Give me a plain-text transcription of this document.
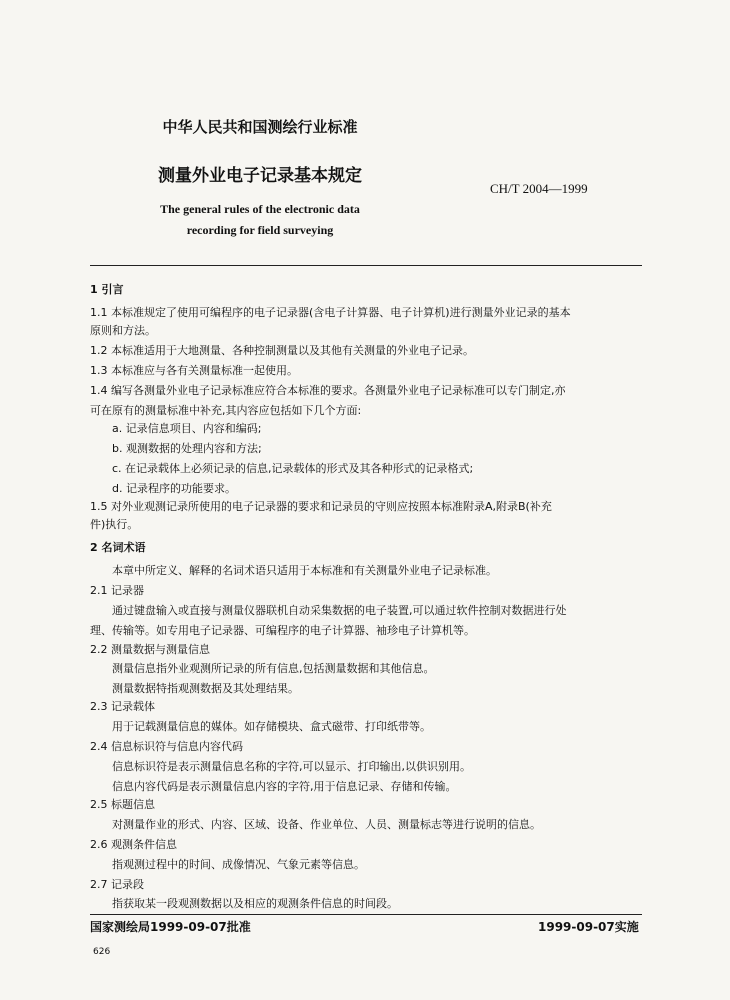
中华人民共和国测绘行业标准
测量外业电子记录基本规定
CH/T 2004—1999
The general rules of the electronic data
recording for field surveying
1 引言
1.1 本标准规定了使用可编程序的电子记录器(含电子计算器、电子计算机)进行测量外业记录的基本
原则和方法。
1.2 本标准适用于大地测量、各种控制测量以及其他有关测量的外业电子记录。
1.3 本标准应与各有关测量标准一起使用。
1.4 编写各测量外业电子记录标准应符合本标准的要求。各测量外业电子记录标准可以专门制定,亦
可在原有的测量标准中补充,其内容应包括如下几个方面:
a. 记录信息项目、内容和编码;
b. 观测数据的处理内容和方法;
c. 在记录载体上必须记录的信息,记录载体的形式及其各种形式的记录格式;
d. 记录程序的功能要求。
1.5 对外业观测记录所使用的电子记录器的要求和记录员的守则应按照本标准附录A,附录B(补充
件)执行。
2 名词术语
本章中所定义、解释的名词术语只适用于本标准和有关测量外业电子记录标准。
2.1 记录器
通过键盘输入或直接与测量仪器联机自动采集数据的电子装置,可以通过软件控制对数据进行处
理、传输等。如专用电子记录器、可编程序的电子计算器、袖珍电子计算机等。
2.2 测量数据与测量信息
测量信息指外业观测所记录的所有信息,包括测量数据和其他信息。
测量数据特指观测数据及其处理结果。
2.3 记录载体
用于记载测量信息的媒体。如存储模块、盒式磁带、打印纸带等。
2.4 信息标识符与信息内容代码
信息标识符是表示测量信息名称的字符,可以显示、打印输出,以供识别用。
信息内容代码是表示测量信息内容的字符,用于信息记录、存储和传输。
2.5 标题信息
对测量作业的形式、内容、区域、设备、作业单位、人员、测量标志等进行说明的信息。
2.6 观测条件信息
指观测过程中的时间、成像情况、气象元素等信息。
2.7 记录段
指获取某一段观测数据以及相应的观测条件信息的时间段。
国家测绘局1999-09-07批准	1999-09-07实施
626
